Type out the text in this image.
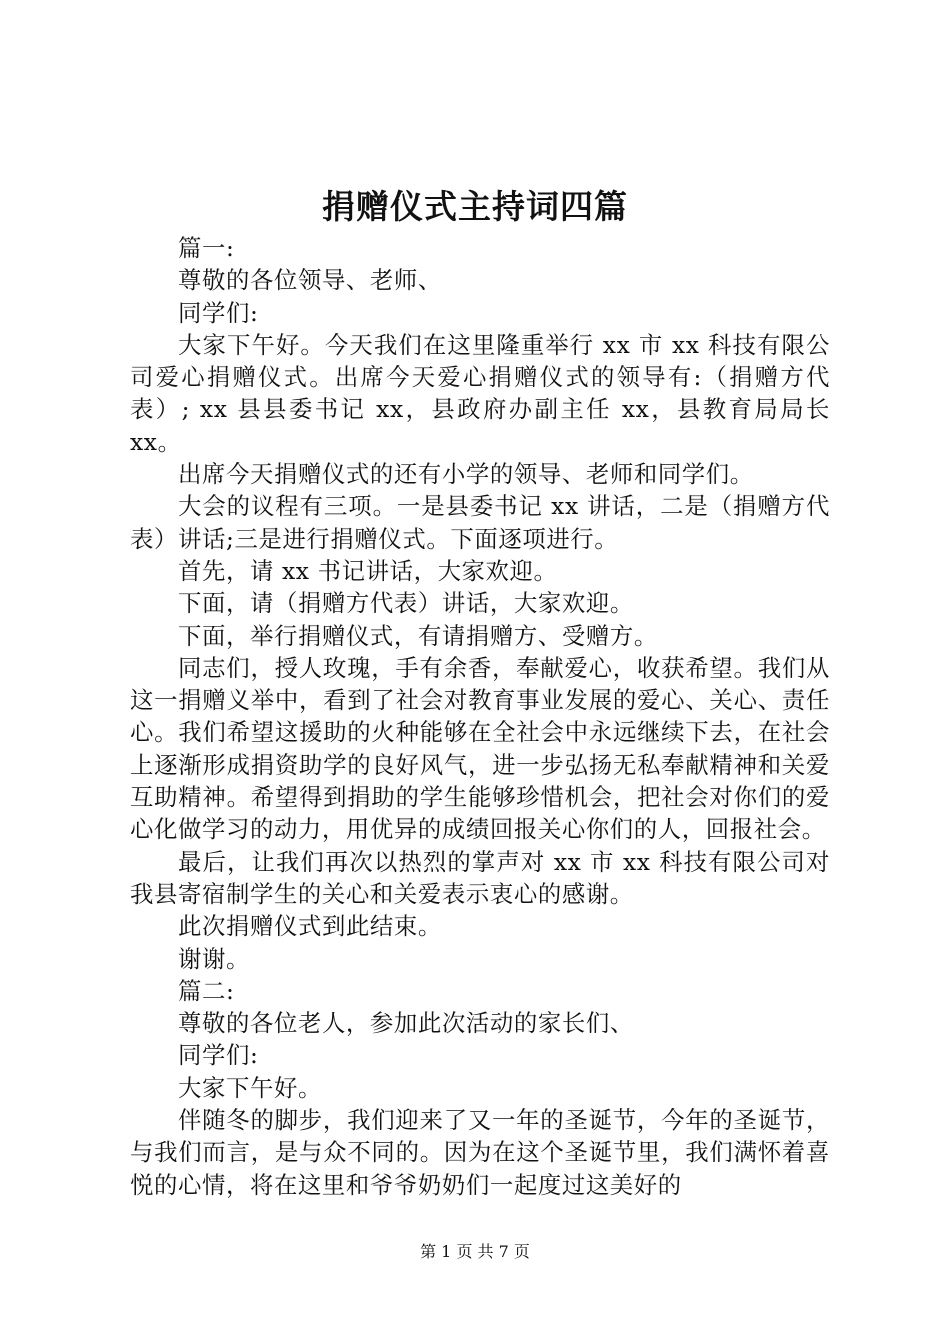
捐赠仪式主持词四篇

篇一:

尊敬的各位领导、老师、

同学们:

大家下午好。今天我们在这里隆重举行 xx 市 xx 科技有限公司爱心捐赠仪式。出席今天爱心捐赠仪式的领导有:（捐赠方代表）; xx 县县委书记 xx，县政府办副主任 xx，县教育局局长 xx。

出席今天捐赠仪式的还有小学的领导、老师和同学们。

大会的议程有三项。一是县委书记 xx 讲话，二是（捐赠方代表）讲话;三是进行捐赠仪式。下面逐项进行。

首先，请 xx 书记讲话，大家欢迎。

下面，请（捐赠方代表）讲话，大家欢迎。

下面，举行捐赠仪式，有请捐赠方、受赠方。

同志们，授人玫瑰，手有余香，奉献爱心，收获希望。我们从这一捐赠义举中，看到了社会对教育事业发展的爱心、关心、责任心。我们希望这援助的火种能够在全社会中永远继续下去，在社会上逐渐形成捐资助学的良好风气，进一步弘扬无私奉献精神和关爱互助精神。希望得到捐助的学生能够珍惜机会，把社会对你们的爱心化做学习的动力，用优异的成绩回报关心你们的人，回报社会。

最后，让我们再次以热烈的掌声对 xx 市 xx 科技有限公司对我县寄宿制学生的关心和关爱表示衷心的感谢。

此次捐赠仪式到此结束。

谢谢。

篇二:

尊敬的各位老人，参加此次活动的家长们、

同学们:

大家下午好。

伴随冬的脚步，我们迎来了又一年的圣诞节，今年的圣诞节，与我们而言，是与众不同的。因为在这个圣诞节里，我们满怀着喜悦的心情，将在这里和爷爷奶奶们一起度过这美好的

第 1 页 共 7 页
